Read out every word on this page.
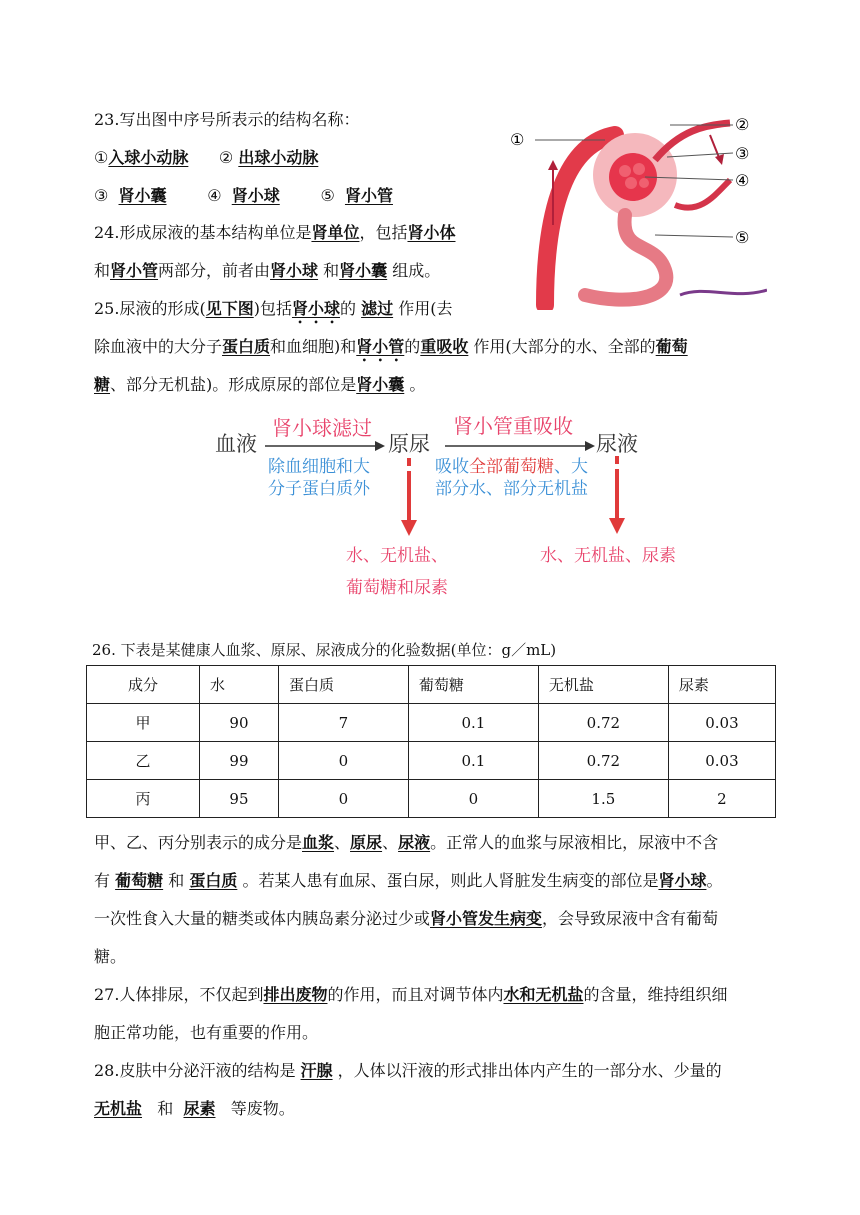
23.写出图中序号所表示的结构名称：
①入球小动脉 ② 出球小动脉
③ 肾小囊	④ 肾小球	⑤ 肾小管
①
②
③
④
⑤
24.形成尿液的基本结构单位是肾单位，包括肾小体
和肾小管两部分，前者由肾小球 和肾小囊 组成。
25.尿液的形成(见下图)包括肾小球的 滤过 作用(去
除血液中的大分子蛋白质和血细胞)和肾小管的重吸收 作用(大部分的水、全部的葡萄
糖、部分无机盐)。形成原尿的部位是肾小囊 。
血液
肾小球滤过
原尿
肾小管重吸收
尿液
除血细胞和大
分子蛋白质外
吸收全部葡萄糖、大
部分水、部分无机盐
水、无机盐、
葡萄糖和尿素
水、无机盐、尿素
26. 下表是某健康人血浆、原尿、尿液成分的化验数据(单位：g／mL)
成分	水	蛋白质	葡萄糖	无机盐	尿素
甲	90	7	0.1	0.72	0.03
乙	99	0	0.1	0.72	0.03
丙	95	0	0	1.5	2
甲、乙、丙分别表示的成分是血浆、原尿、尿液。正常人的血浆与尿液相比，尿液中不含
有 葡萄糖 和 蛋白质 。若某人患有血尿、蛋白尿，则此人肾脏发生病变的部位是肾小球。
一次性食入大量的糖类或体内胰岛素分泌过少或肾小管发生病变，会导致尿液中含有葡萄
糖。
27.人体排尿，不仅起到排出废物的作用，而且对调节体内水和无机盐的含量，维持组织细
胞正常功能，也有重要的作用。
28.皮肤中分泌汗液的结构是 汗腺 ，人体以汗液的形式排出体内产生的一部分水、少量的
无机盐 和 尿素 等废物。
